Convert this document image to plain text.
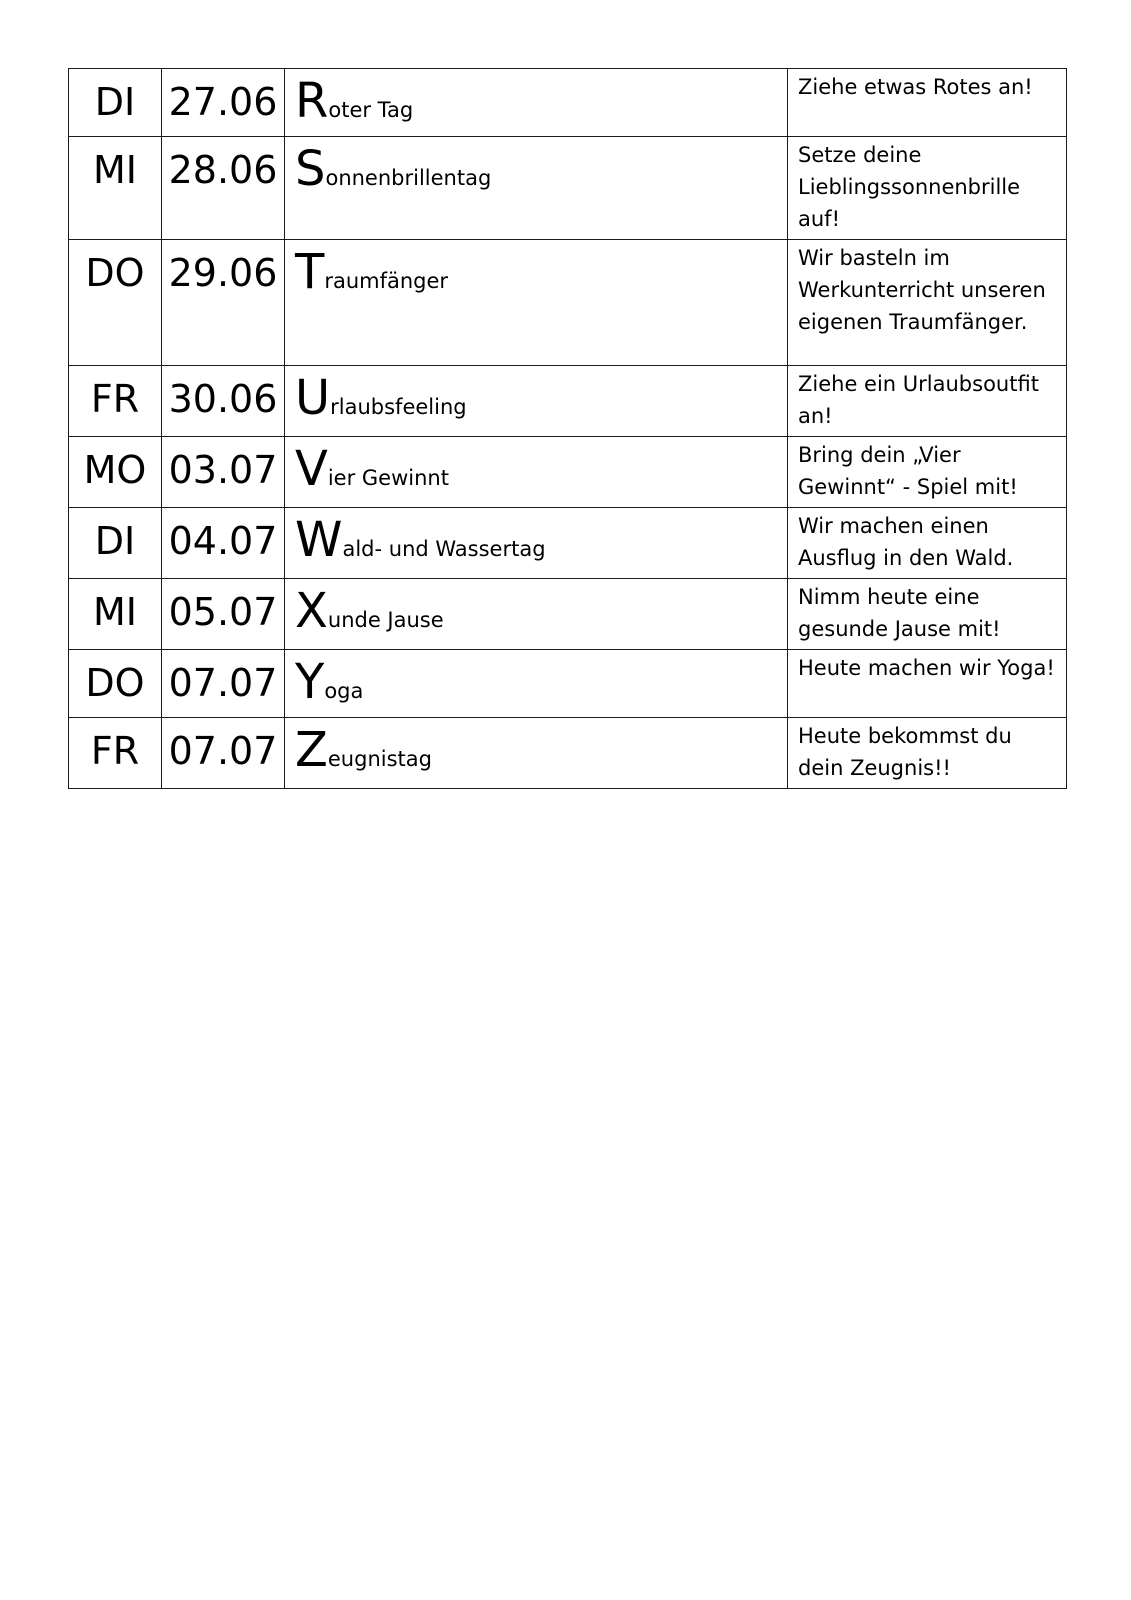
DI	27.06	Roter Tag	Ziehe etwas Rotes an!
MI	28.06	Sonnenbrillentag	Setze deine Lieblingssonnenbrille auf!
DO	29.06	Traumfänger	Wir basteln im Werkunterricht unseren eigenen Traumfänger.
FR	30.06	Urlaubsfeeling	Ziehe ein Urlaubsoutfit an!
MO	03.07	Vier Gewinnt	Bring dein „Vier Gewinnt“ - Spiel mit!
DI	04.07	Wald- und Wassertag	Wir machen einen Ausflug in den Wald.
MI	05.07	Xunde Jause	Nimm heute eine gesunde Jause mit!
DO	07.07	Yoga	Heute machen wir Yoga!
FR	07.07	Zeugnistag	Heute bekommst du dein Zeugnis!!
